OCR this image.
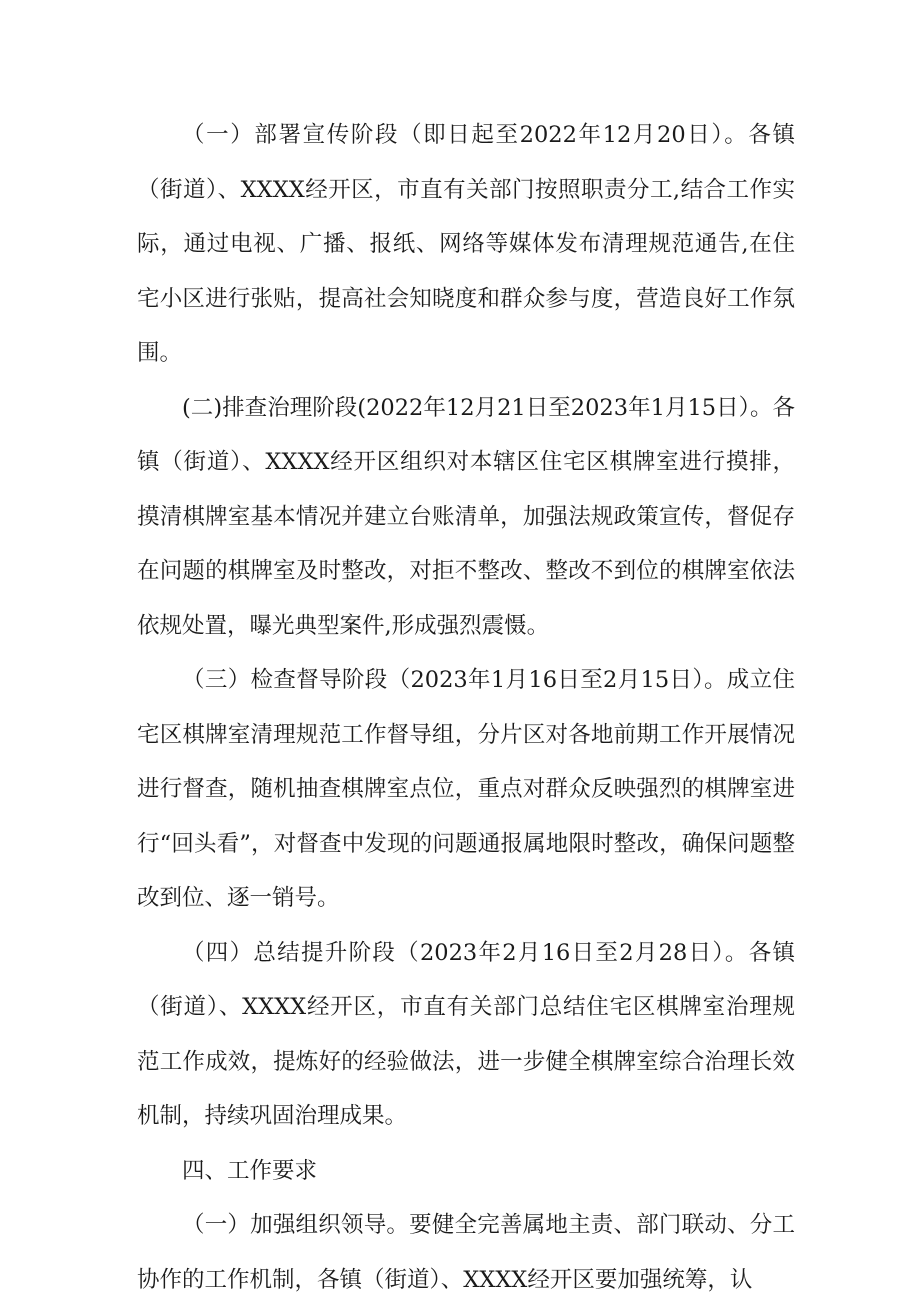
（一）部署宣传阶段（即日起至2022年12月20日）。各镇（街道）、XXXX经开区，市直有关部门按照职责分工,结合工作实际，通过电视、广播、报纸、网络等媒体发布清理规范通告,在住宅小区进行张贴，提高社会知晓度和群众参与度，营造良好工作氛围。

(二)排查治理阶段(2022年12月21日至2023年1月15日）。各镇（街道）、XXXX经开区组织对本辖区住宅区棋牌室进行摸排，摸清棋牌室基本情况并建立台账清单，加强法规政策宣传，督促存在问题的棋牌室及时整改，对拒不整改、整改不到位的棋牌室依法依规处置，曝光典型案件,形成强烈震慑。

（三）检查督导阶段（2023年1月16日至2月15日）。成立住宅区棋牌室清理规范工作督导组，分片区对各地前期工作开展情况进行督查，随机抽查棋牌室点位，重点对群众反映强烈的棋牌室进行“回头看”，对督查中发现的问题通报属地限时整改，确保问题整改到位、逐一销号。

（四）总结提升阶段（2023年2月16日至2月28日）。各镇（街道）、XXXX经开区，市直有关部门总结住宅区棋牌室治理规范工作成效，提炼好的经验做法，进一步健全棋牌室综合治理长效机制，持续巩固治理成果。

四、工作要求

（一）加强组织领导。要健全完善属地主责、部门联动、分工协作的工作机制，各镇（街道）、XXXX经开区要加强统筹，认
